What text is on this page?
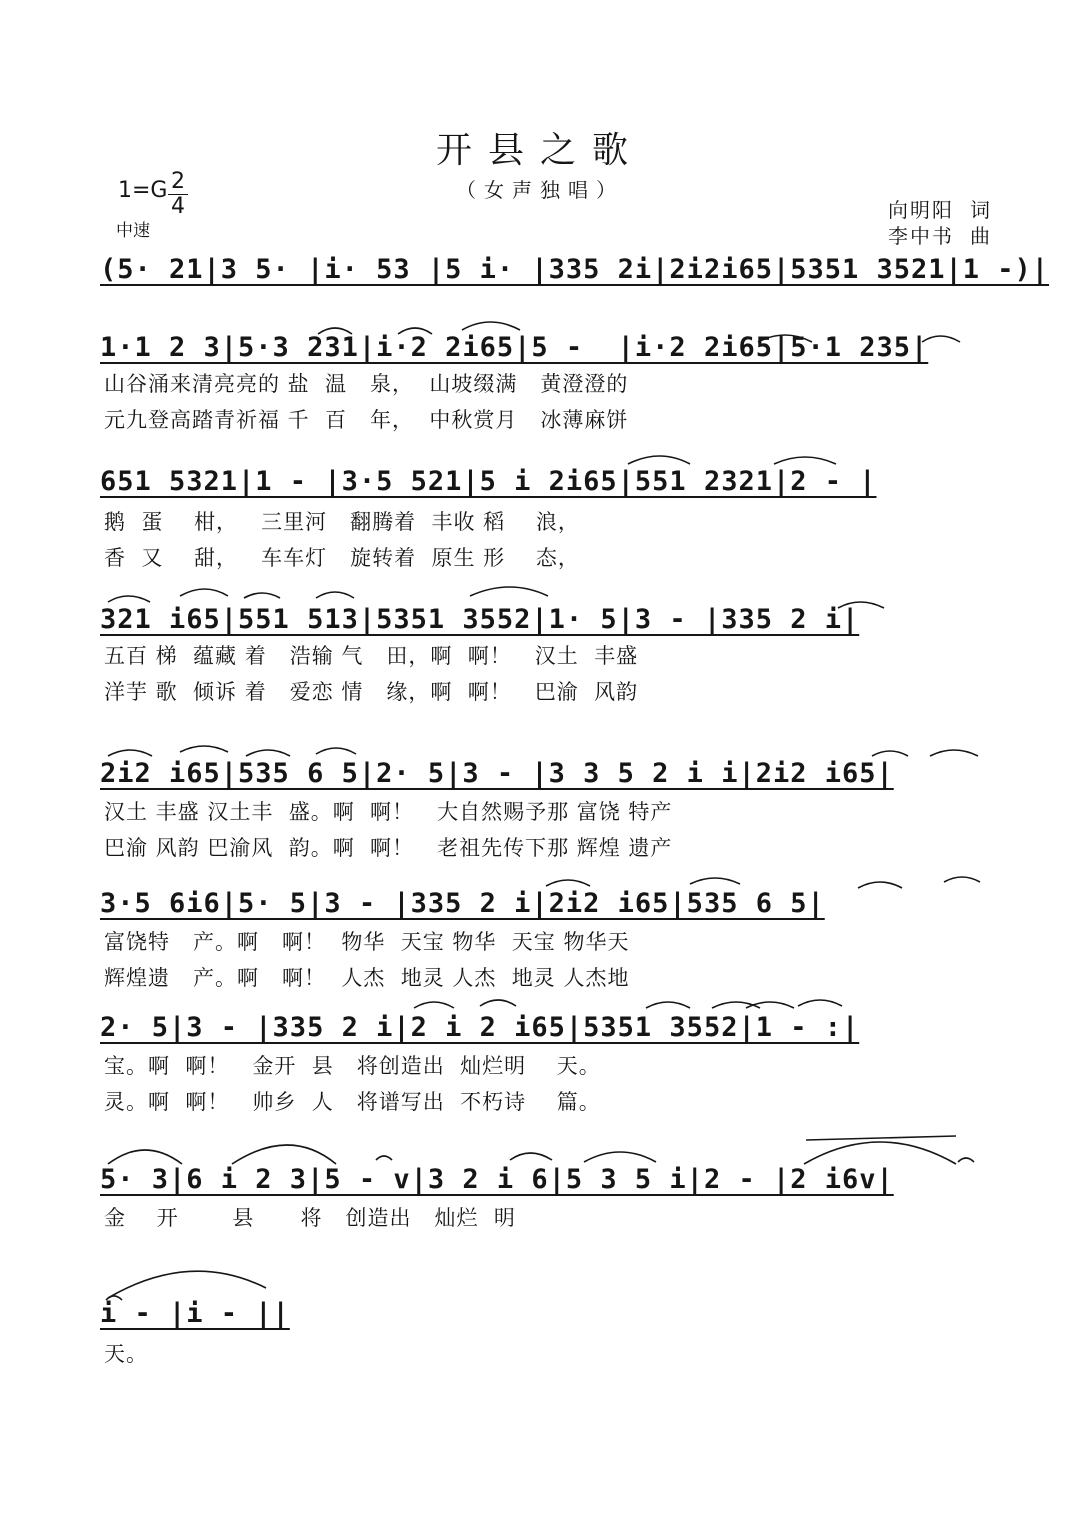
开县之歌
（女声独唱）
1=G 2
4
中速
向明阳 词
李中书 曲
(5· 21|3 5· |i· 53 |5 i· |335 2i|2i2i65|5351 3521|1 -)|
1·1 2 3|5·3 231|i·2 2i65|5 -  |i·2 2i65|5·1 235|
山谷涌来清亮亮的 盐  温   泉，  山坡缀满   黄澄澄的
元九登高踏青祈福 千  百   年，  中秋赏月   冰薄麻饼
651 5321|1 - |3·5 521|5 i 2i65|551 2321|2 - |
鹅  蛋    柑，   三里河   翻腾着  丰收 稻    浪，
香  又    甜，   车车灯   旋转着  原生 形    态，
321 i65|551 513|5351 3552|1· 5|3 - |335 2 i|
五百 梯  蕴藏 着   浩输 气   田，啊  啊！   汉土  丰盛
洋芋 歌  倾诉 着   爱恋 情   缘，啊  啊！   巴渝  风韵
2i2 i65|535 6 5|2· 5|3 - |3 3 5 2 i i|2i2 i65|
汉土 丰盛 汉土丰  盛。啊  啊！   大自然赐予那 富饶 特产
巴渝 风韵 巴渝风  韵。啊  啊！   老祖先传下那 辉煌 遗产
3·5 6i6|5· 5|3 - |335 2 i|2i2 i65|535 6 5|
富饶特   产。啊   啊！  物华  天宝 物华  天宝 物华天
辉煌遗   产。啊   啊！  人杰  地灵 人杰  地灵 人杰地
2· 5|3 - |335 2 i|2 i 2 i65|5351 3552|1 - :|
宝。啊  啊！   金开  县   将创造出  灿烂明    天。
灵。啊  啊！   帅乡  人   将谱写出  不朽诗    篇。
5· 3|6 i 2 3|5 - v|3 2 i 6|5 3 5 i|2 - |2 i6v|
金    开       县      将   创造出   灿烂  明
i - |i - ||
天。
